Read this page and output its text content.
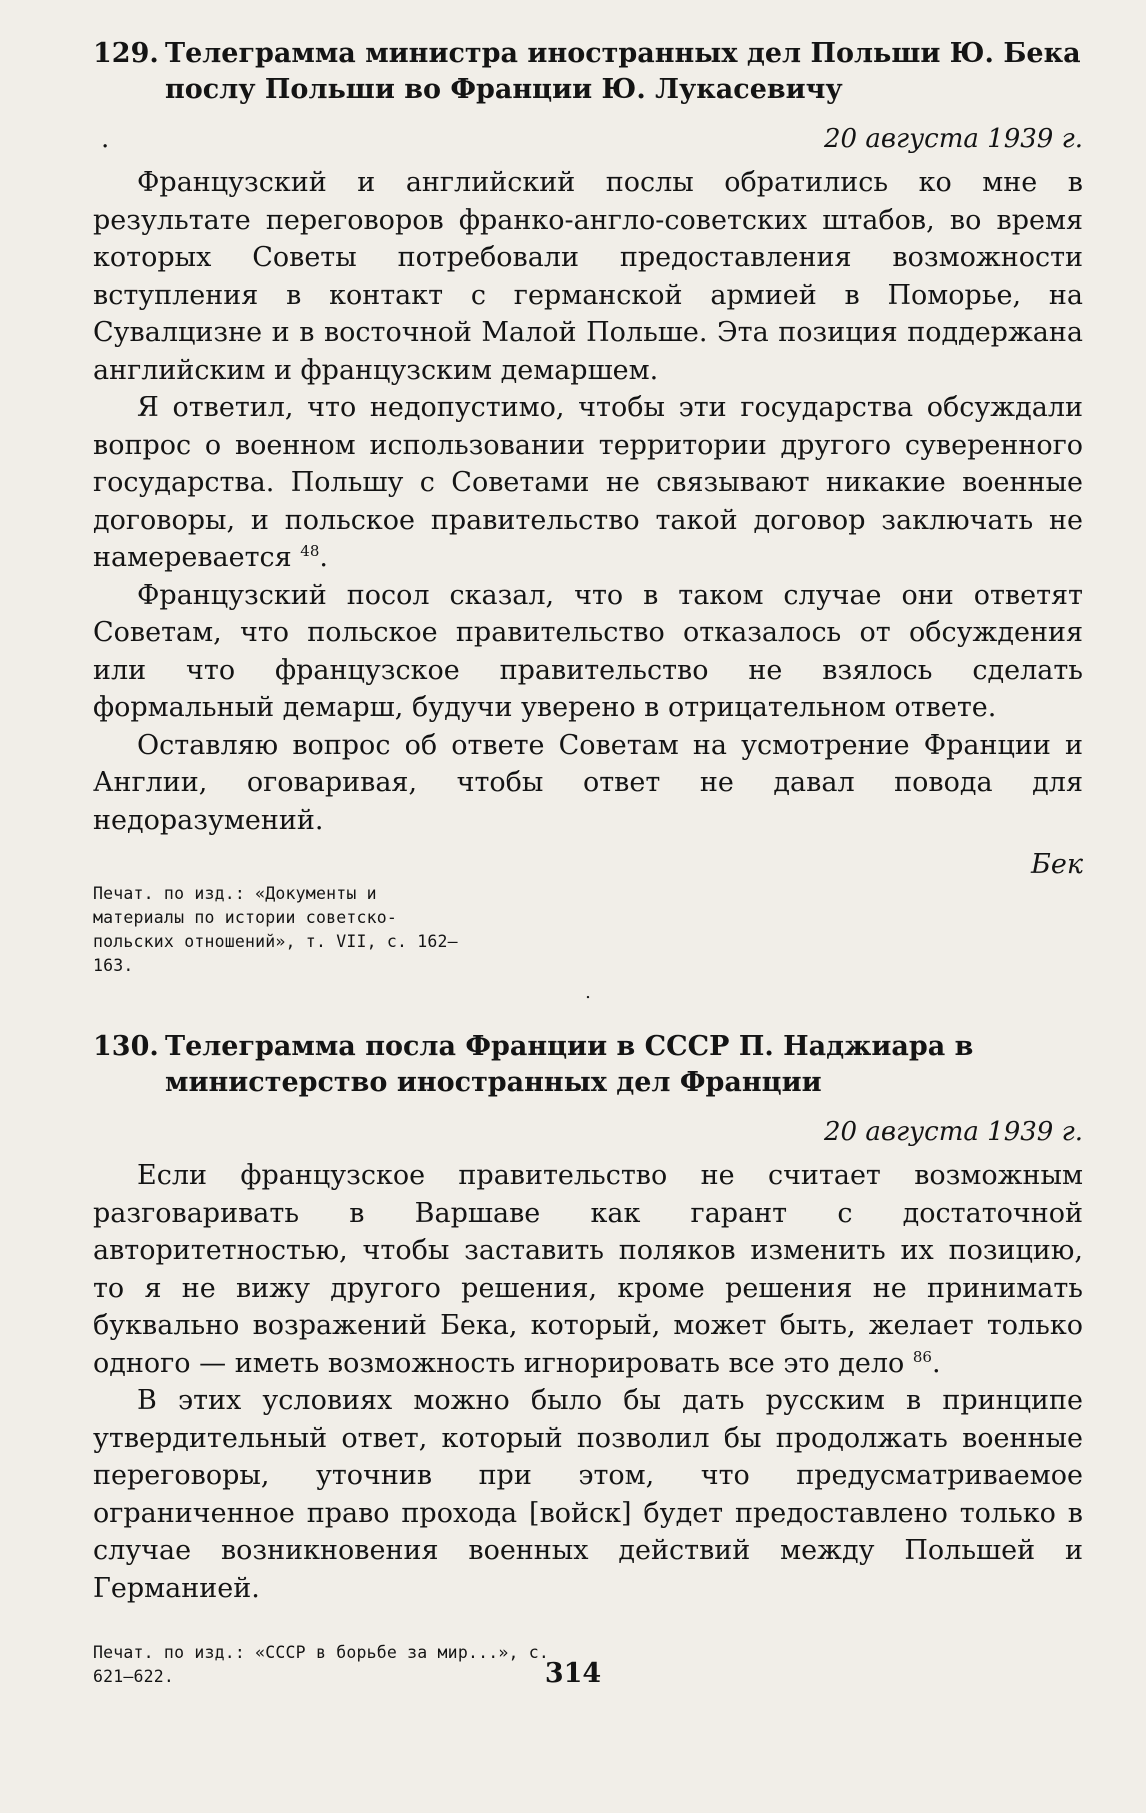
129. Телеграмма министра иностранных дел Польши Ю. Бека послу Польши во Франции Ю. Лукасевичу
.	20 августа 1939 г.

Французский и английский послы обратились ко мне в результате переговоров франко-англо-советских штабов, во время которых Советы потребовали предоставления возможности вступления в контакт с германской армией в Поморье, на Сувалцизне и в восточной Малой Польше. Эта позиция поддержана английским и французским демаршем.

Я ответил, что недопустимо, чтобы эти государства обсуждали вопрос о военном использовании территории другого суверенного государства. Польшу с Советами не связывают никакие военные договоры, и польское правительство такой договор заключать не намеревается $^{48}$.

Французский посол сказал, что в таком случае они ответят Советам, что польское правительство отказалось от обсуждения или что французское правительство не взялось сделать формальный демарш, будучи уверено в отрицательном ответе.

Оставляю вопрос об ответе Советам на усмотрение Франции и Англии, оговаривая, чтобы ответ не давал повода для недоразумений.

Бек

Печат. по изд.: «Документы и материалы по истории советско-польских отношений», т. VII, с. 162—163.

.
130. Телеграмма посла Франции в СССР П. Наджиара в министерство иностранных дел Франции
20 августа 1939 г.

Если французское правительство не считает возможным разговаривать в Варшаве как гарант с достаточной авторитетностью, чтобы заставить поляков изменить их позицию, то я не вижу другого решения, кроме решения не принимать буквально возражений Бека, который, может быть, желает только одного — иметь возможность игнорировать все это дело $^{86}$.

В этих условиях можно было бы дать русским в принципе утвердительный ответ, который позволил бы продолжать военные переговоры, уточнив при этом, что предусматриваемое ограниченное право прохода [войск] будет предоставлено только в случае возникновения военных действий между Польшей и Германией.

Печат. по изд.: «СССР в борьбе за мир...», с. 621—622.	314
